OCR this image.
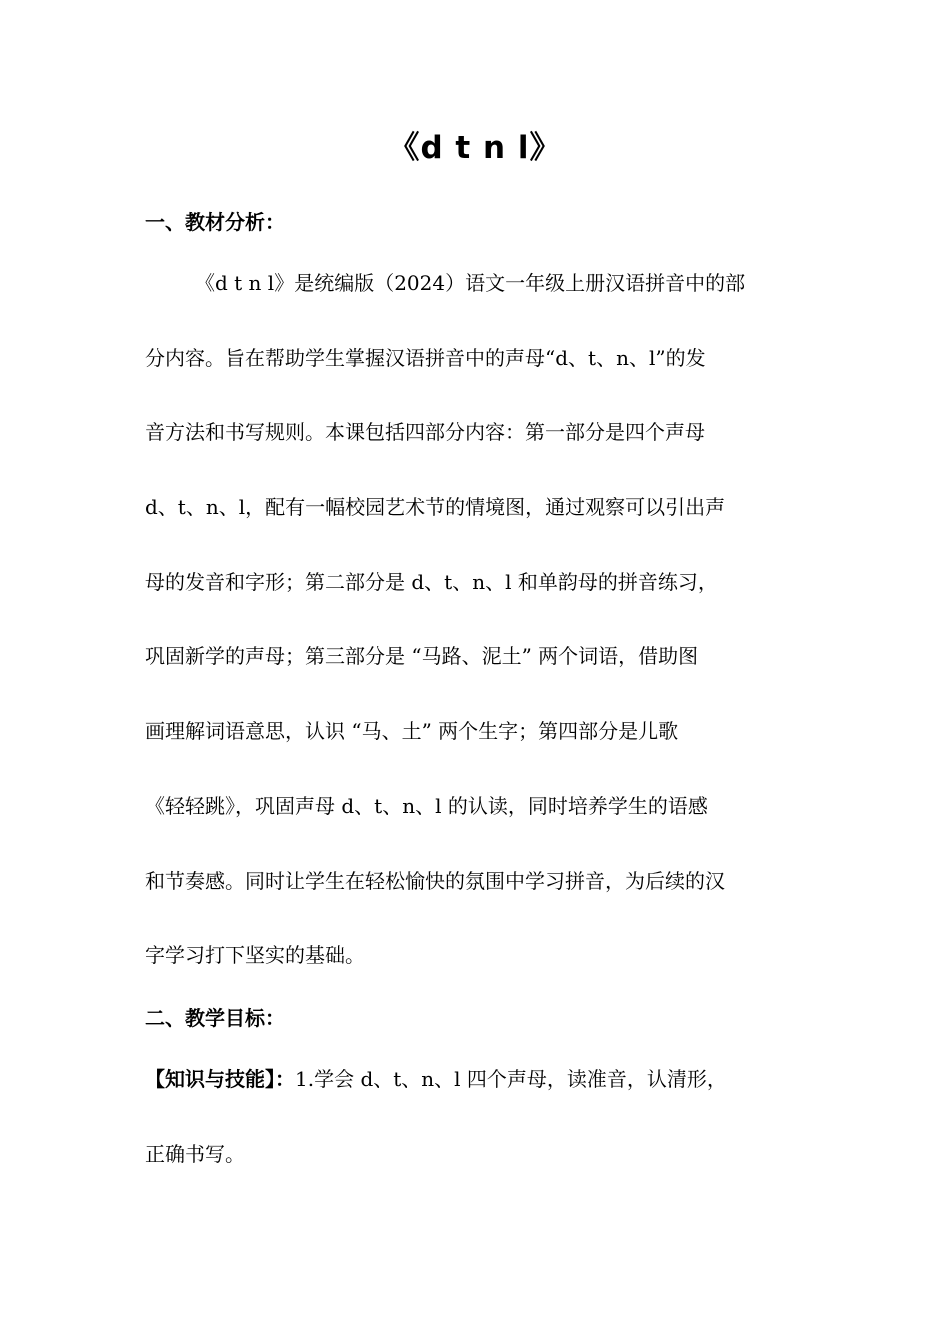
《d t n l》
一、教材分析：
《d t n l》是统编版（2024）语文一年级上册汉语拼音中的部
分内容。旨在帮助学生掌握汉语拼音中的声母“d、t、n、l”的发
音方法和书写规则。本课包括四部分内容：第一部分是四个声母
d、t、n、l，配有一幅校园艺术节的情境图，通过观察可以引出声
母的发音和字形；第二部分是 d、t、n、l 和单韵母的拼音练习，
巩固新学的声母；第三部分是 “马路、泥土” 两个词语，借助图
画理解词语意思，认识 “马、土” 两个生字；第四部分是儿歌
《轻轻跳》，巩固声母 d、t、n、l 的认读，同时培养学生的语感
和节奏感。同时让学生在轻松愉快的氛围中学习拼音，为后续的汉
字学习打下坚实的基础。
二、教学目标：
【知识与技能】：1.学会 d、t、n、l 四个声母，读准音，认清形，
正确书写。
